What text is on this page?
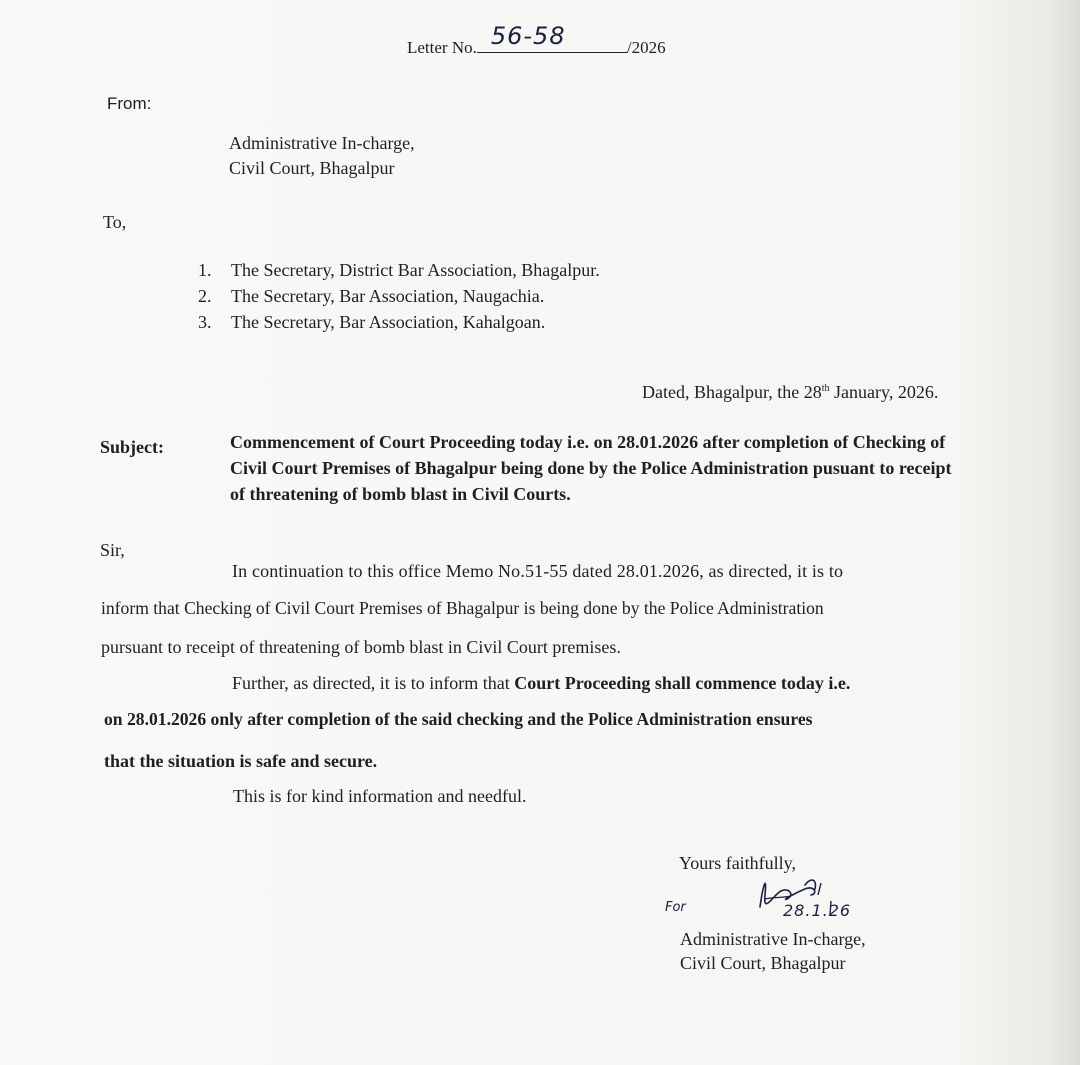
Letter No. 56-58	/2026
From:
Administrative In-charge,
Civil Court, Bhagalpur
To,
1. The Secretary, District Bar Association, Bhagalpur.
2. The Secretary, Bar Association, Naugachia.
3. The Secretary, Bar Association, Kahalgoan.
Dated, Bhagalpur, the 28th January, 2026.
Subject:	Commencement of Court Proceeding today i.e. on 28.01.2026 after completion of Checking of Civil Court Premises of Bhagalpur being done by the Police Administration pusuant to receipt of threatening of bomb blast in Civil Courts.
Sir,
In continuation to this office Memo No.51-55 dated 28.01.2026, as directed, it is to
inform that Checking of Civil Court Premises of Bhagalpur is being done by the Police Administration
pursuant to receipt of threatening of bomb blast in Civil Court premises.
Further, as directed, it is to inform that Court Proceeding shall commence today i.e.
on 28.01.2026 only after completion of the said checking and the Police Administration ensures
that the situation is safe and secure.
This is for kind information and needful.
Yours faithfully,
For	28.1.26
Administrative In-charge,
Civil Court, Bhagalpur
